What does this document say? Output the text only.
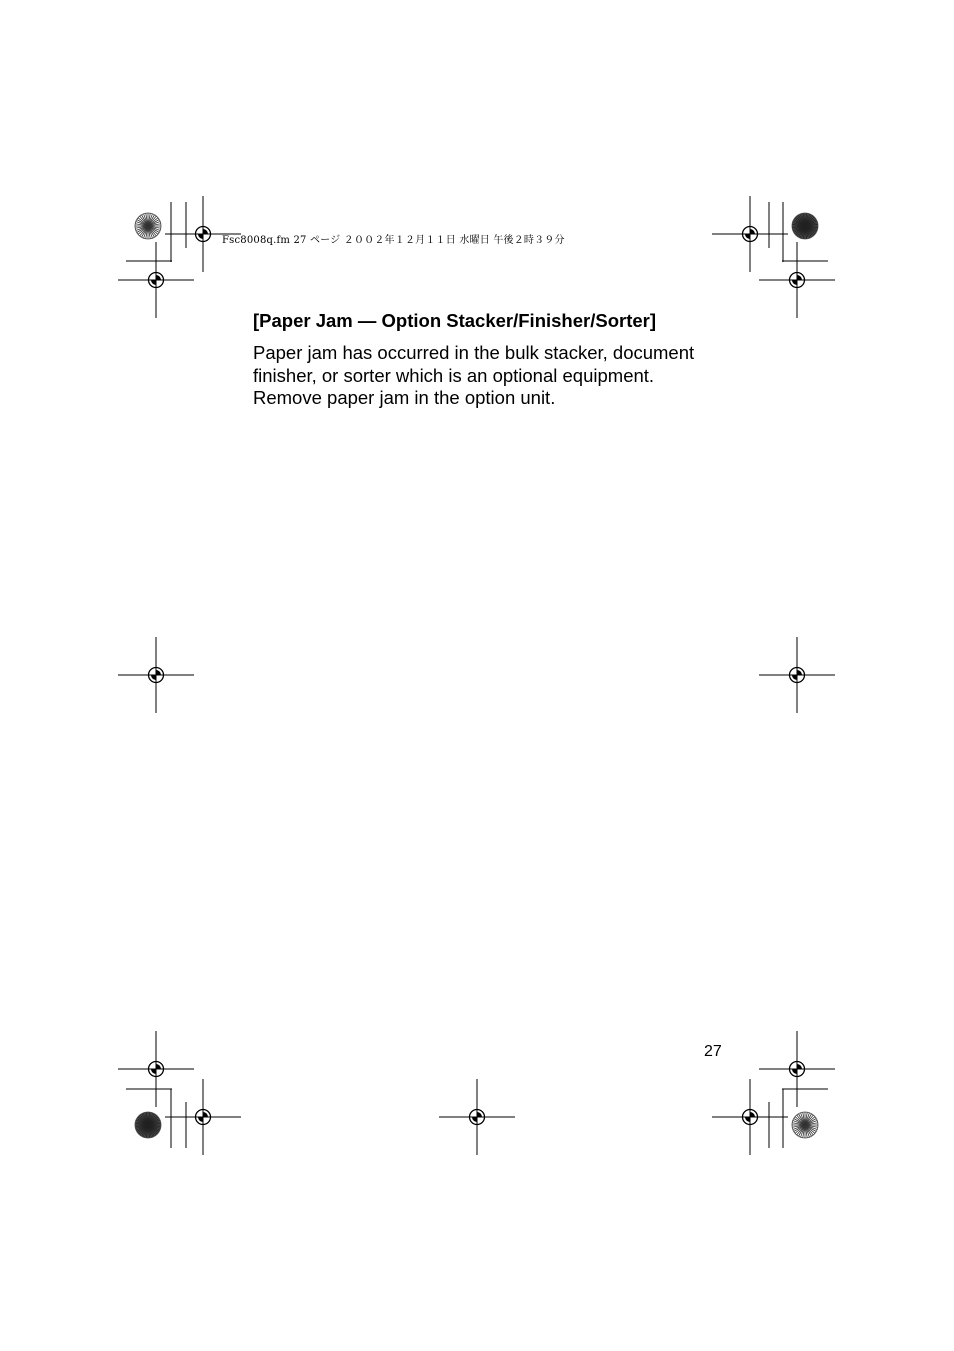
Fsc8008q.fm 27 ページ ２００２年１２月１１日 水曜日 午後２時３９分
[Paper Jam — Option Stacker/Finisher/Sorter]

Paper jam has occurred in the bulk stacker, document
finisher, or sorter which is an optional equipment.
Remove paper jam in the option unit.

27
